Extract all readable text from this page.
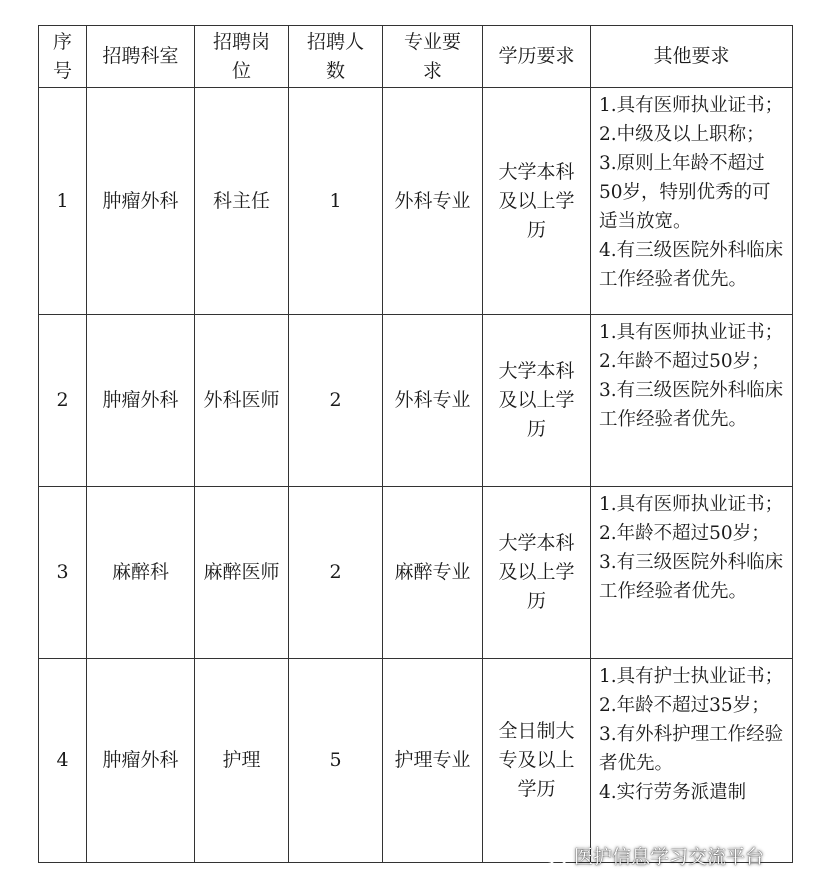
序号	招聘科室	招聘岗位	招聘人数	专业要求	学历要求	其他要求
1	肿瘤外科	科主任	1	外科专业	大学本科及以上学历	1.具有医师执业证书；
2.中级及以上职称；
3.原则上年龄不超过50岁，特别优秀的可适当放宽。
4.有三级医院外科临床工作经验者优先。

2	肿瘤外科	外科医师	2	外科专业	大学本科及以上学历	1.具有医师执业证书；
2.年龄不超过50岁；
3.有三级医院外科临床工作经验者优先。

3	麻醉科	麻醉医师	2	麻醉专业	大学本科及以上学历	1.具有医师执业证书；
2.年龄不超过50岁；
3.有三级医院外科临床工作经验者优先。

4	肿瘤外科	护理	5	护理专业	全日制大专及以上学历	1.具有护士执业证书；
2.年龄不超过35岁；
3.有外科护理工作经验者优先。
4.实行劳务派遣制
医护信息学习交流平台
